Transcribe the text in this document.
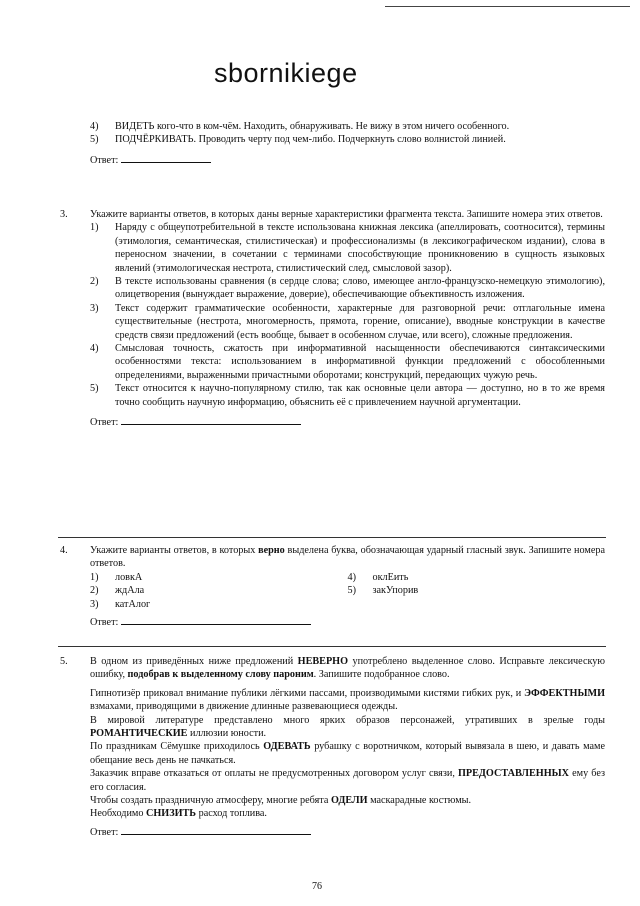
sbornikiege
4) ВИДЕТЬ кого-что в ком-чём. Находить, обнаруживать. Не вижу в этом ничего особенного.
5) ПОДЧЁРКИВАТЬ. Проводить черту под чем-либо. Подчеркнуть слово волнистой линией.
Ответ:
3. Укажите варианты ответов, в которых даны верные характеристики фрагмента текста. Запишите номера этих ответов.
1) Наряду с общеупотребительной в тексте использована книжная лексика (апеллировать, соотносится), термины (этимология, семантическая, стилистическая) и профессионализмы (в лексикографическом издании), слова в переносном значении, в сочетании с терминами способствующие проникновению в сущность языковых явлений (этимологическая нестрота, стилистический след, смысловой зазор).
2) В тексте использованы сравнения (в сердце слова; слово, имеющее англо-французско-немецкую этимологию), олицетворения (вынуждает выражение, доверие), обеспечивающие объективность изложения.
3) Текст содержит грамматические особенности, характерные для разговорной речи: отглагольные имена существительные (нестрота, многомерность, прямота, горение, описание), вводные конструкции в качестве средств связи предложений (есть вообще, бывает в особенном случае, или всего), сложные предложения.
4) Смысловая точность, сжатость при информативной насыщенности обеспечиваются синтаксическими особенностями текста: использованием в информативной функции предложений с обособленными определениями, выраженными причастными оборотами; конструкций, передающих чужую речь.
5) Текст относится к научно-популярному стилю, так как основные цели автора — доступно, но в то же время точно сообщить научную информацию, объяснить её с привлечением научной аргументации.
Ответ:
4. Укажите варианты ответов, в которых верно выделена буква, обозначающая ударный гласный звук. Запишите номера ответов.
1) ловкА
2) ждАла
3) катАлог
4) оклЕить
5) закУпорив
Ответ:
5. В одном из приведённых ниже предложений НЕВЕРНО употреблено выделенное слово. Исправьте лексическую ошибку, подобрав к выделенному слову пароним. Запишите подобранное слово.

Гипнотизёр приковал внимание публики лёгкими пассами, производимыми кистями гибких рук, и ЭФФЕКТНЫМИ взмахами, приводящими в движение длинные развевающиеся одежды.

В мировой литературе представлено много ярких образов персонажей, утративших в зрелые годы РОМАНТИЧЕСКИЕ иллюзии юности.

По праздникам Сёмушке приходилось ОДЕВАТЬ рубашку с воротничком, который вывязала в шею, и давать маме обещание весь день не пачкаться.

Заказчик вправе отказаться от оплаты не предусмотренных договором услуг связи, ПРЕДОСТАВЛЕННЫХ ему без его согласия.

Чтобы создать праздничную атмосферу, многие ребята ОДЕЛИ маскарадные костюмы.

Необходимо СНИЗИТЬ расход топлива.

Ответ:
76
